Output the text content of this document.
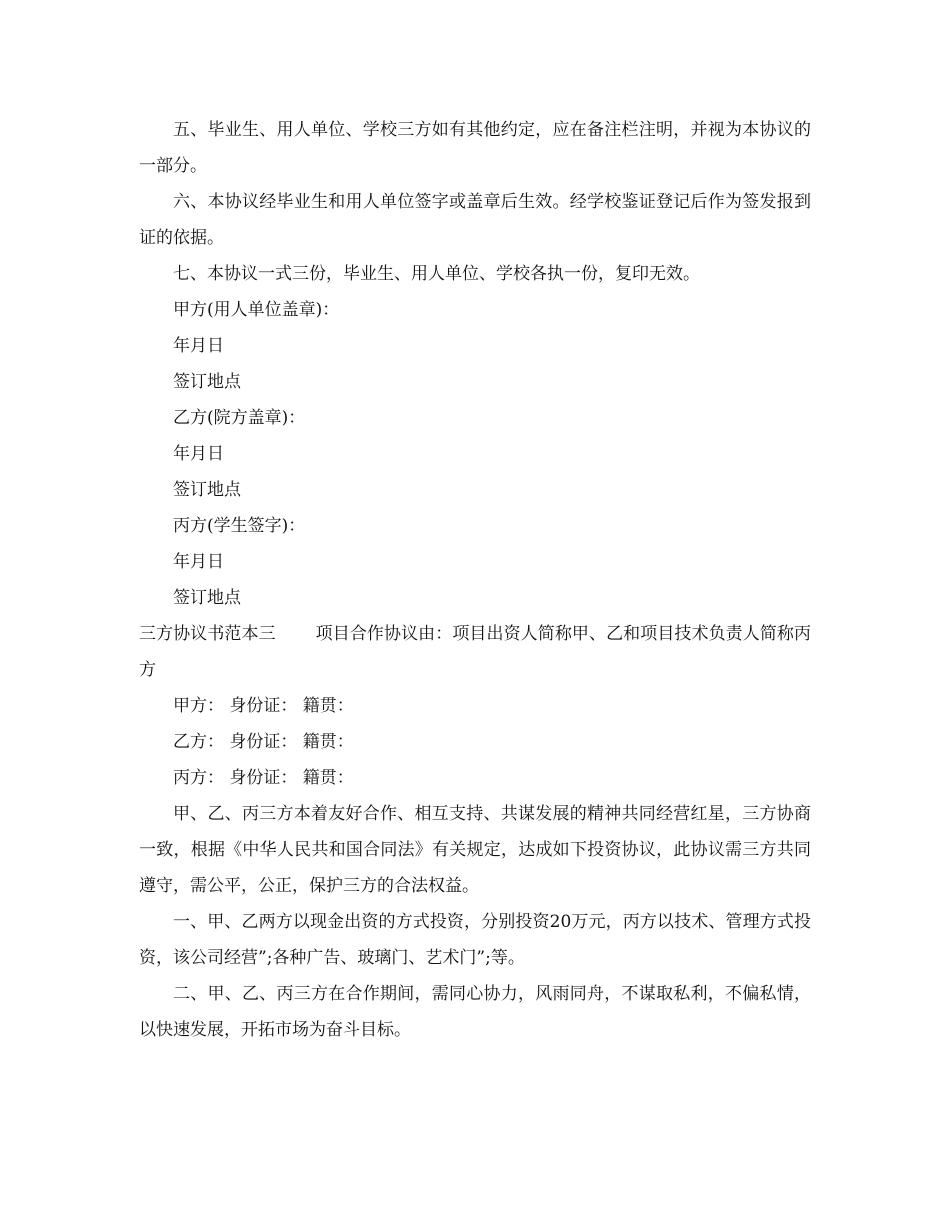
五、毕业生、用人单位、学校三方如有其他约定，应在备注栏注明，并视为本协议的一部分。

六、本协议经毕业生和用人单位签字或盖章后生效。经学校鉴证登记后作为签发报到证的依据。

七、本协议一式三份，毕业生、用人单位、学校各执一份，复印无效。

甲方(用人单位盖章)：

年月日

签订地点

乙方(院方盖章)：

年月日

签订地点

丙方(学生签字)：

年月日

签订地点

三方协议书范本三 项目合作协议由：项目出资人简称甲、乙和项目技术负责人简称丙方

甲方： 身份证： 籍贯：

乙方： 身份证： 籍贯：

丙方： 身份证： 籍贯：

甲、乙、丙三方本着友好合作、相互支持、共谋发展的精神共同经营红星，三方协商一致，根据《中华人民共和国合同法》有关规定，达成如下投资协议，此协议需三方共同遵守，需公平，公正，保护三方的合法权益。

一、甲、乙两方以现金出资的方式投资，分别投资20万元，丙方以技术、管理方式投资，该公司经营”;各种广告、玻璃门、艺术门”;等。

二、甲、乙、丙三方在合作期间，需同心协力，风雨同舟，不谋取私利，不偏私情，以快速发展，开拓市场为奋斗目标。
